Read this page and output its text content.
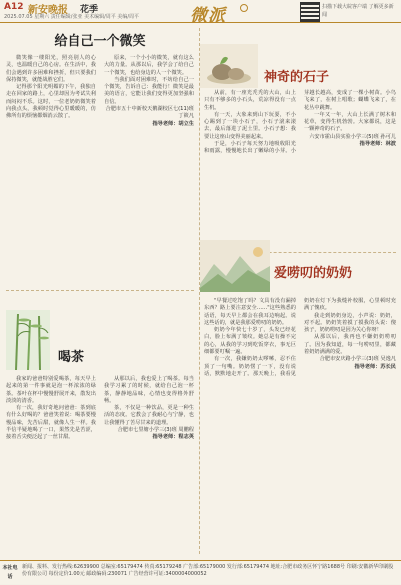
A12 新安晚报 花季
2025.07.05 星期六 责任编辑/张亚 美术编辑/周平 美编/周平	微派	扫描下载大皖客户端 了解更多新闻
给自己一个微笑

微笑像一缕阳光，照亮别人的心灵，也温暖自己的心房。在生活中，我们会遇到许多困难和挫折，但只要我们保持微笑，就能战胜它们。

记得那个阳光明媚的下午，我独自走在回家的路上，心里却因为考试失利而闷闷不乐。这时，一位老奶奶微笑着向我点头，我顿时觉得心里暖暖的，仿佛所有的烦恼都烟消云散了。

原来，一个小小的微笑，就有这么大的力量。从那以后，我学会了给自己一个微笑，也给身边的人一个微笑。

当我们面对困难时，不妨给自己一个微笑，告诉自己：我能行！微笑是最美的语言，它能让我们变得更加坚强和自信。

合肥市五十中新校天鹅湖校区七(11)班 丁筱凡
指导老师：胡立生
喝茶

我家的爸爸特别爱喝茶，每天早上起来的第一件事就是泡一杯浓浓的绿茶。茶叶在杯中慢慢舒展开来，散发出淡淡的清香。

有一次，我好奇地问爸爸：茶到底有什么好喝的？爸爸笑着说：喝茶要慢慢品味，先苦后甜，就像人生一样。我半信半疑地喝了一口，果然先是苦涩，接着舌尖便泛起了一丝甘甜。

从那以后，我也爱上了喝茶。每当我学习累了的时候，就给自己泡一杯茶，静静地品味，心情也变得格外舒畅。

茶，不仅是一种饮品，更是一种生活的态度。它教会了我耐心与宁静，也让我懂得了苦尽甘来的道理。

合肥市七里塘小学三(3)班 周鹏程
指导老师：程志英
神奇的石子

从前，有一座光秃秃的大山，山上只有不够多的小石头，荒凉得没有一点生机。

有一天，大象来到山下玩耍，不小心踢到了一块小石子，小石子滚来滚去，最后落进了泥土里。小石子想：我要让这座山变得美丽起来。

于是，小石子每天努力地吸收阳光和雨露，慢慢地长出了嫩绿的小芽。小芽越长越高，变成了一棵小树苗。小鸟飞来了，在树上唱歌；蝴蝶飞来了，在花丛中跳舞。

一年又一年，大山上长满了树木和花草，变得生机勃勃。大家都说，这是一颗神奇的石子。

六安市霍山县实验小学三(5)班 孙可儿
指导老师：林波
爱唠叨的奶奶

"早餐过吃饱了吗？文具有没有漏掉东西？路上要注意安全……"这些熟悉的话语，每天早上都会在我耳边响起。说这些话的，就是我那爱唠叨的奶奶。

奶奶今年快七十岁了，头发已经花白，脸上布满了皱纹。她总是有操不完的心，从我的学习到吃饭穿衣，事无巨细都要叮嘱一遍。

有一次，我嫌奶奶太啰嗦，忍不住顶了一句嘴。奶奶愣了一下，没有说话，默默地走开了。那天晚上，我看见奶奶在灯下为我缝补校服，心里顿时充满了愧疚。

我走到奶奶身边，小声说：奶奶，对不起。奶奶笑着摸了摸我的头说：傻孩子，奶奶唠叨是因为关心你呀！

从那以后，我再也不嫌奶奶唠叨了。因为我知道，每一句唠叨里，都藏着奶奶满满的爱。

合肥市安庆路小学三(3)班 吴逸凡
指导老师：苏长民
本社电话
新闻、报料、发行热线:62639900 总编室:65179474 传真:65179248 广告部:65179000 发行部:65179474 地址:合肥市政务区怀宁路1688号 印刷:安徽新华印刷股份有限公司 每份定价1.00元 邮政编码:230071 广告经营许可证:3400004000052
